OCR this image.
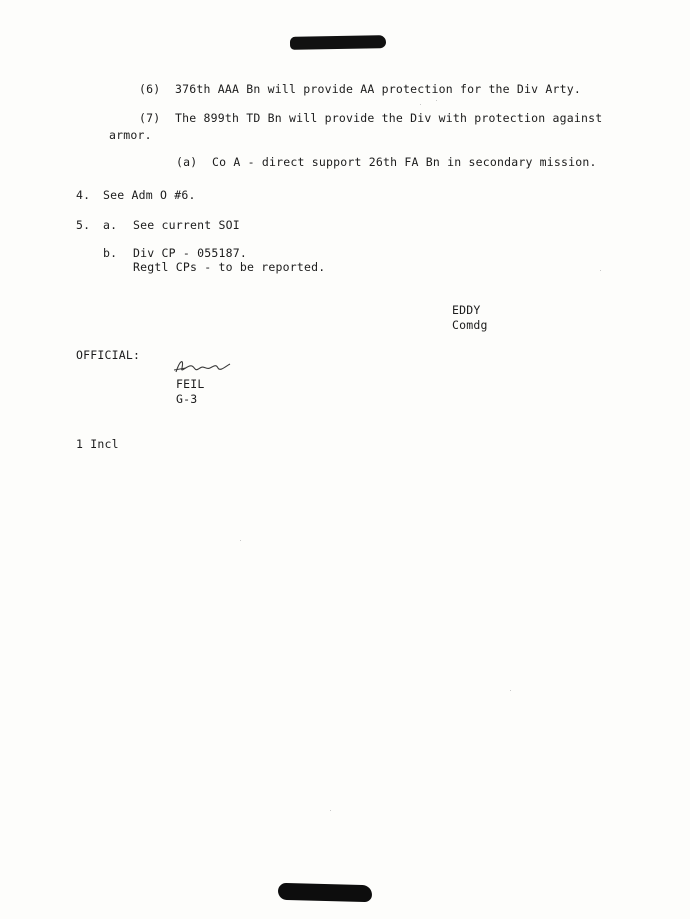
(6) 376th AAA Bn will provide AA protection for the Div Arty.
(7) The 899th TD Bn will provide the Div with protection against
armor.
(a) Co A - direct support 26th FA Bn in secondary mission.
4. See Adm O #6.
5. a. See current SOI
b. Div CP - 055187.
Regtl CPs - to be reported.
EDDY
Comdg
OFFICIAL:
FEIL
G-3
1 Incl
